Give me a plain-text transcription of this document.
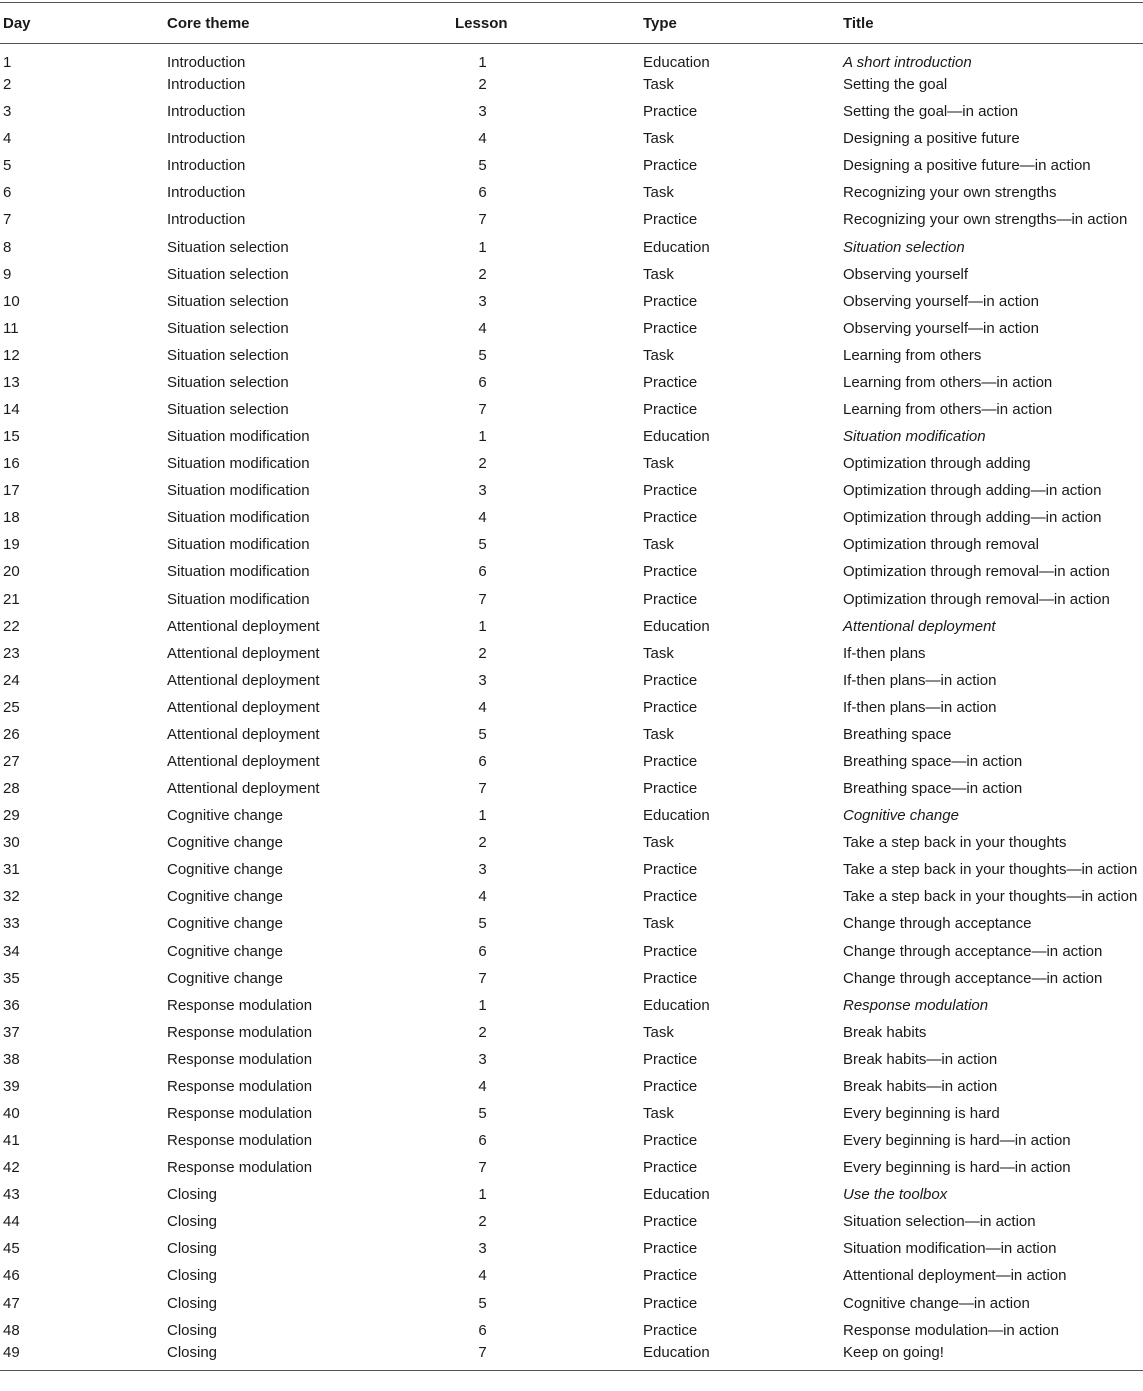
Day	Core theme	Lesson	Type	Title
1	Introduction	1	Education	A short introduction
2	Introduction	2	Task	Setting the goal
3	Introduction	3	Practice	Setting the goal—in action
4	Introduction	4	Task	Designing a positive future
5	Introduction	5	Practice	Designing a positive future—in action
6	Introduction	6	Task	Recognizing your own strengths
7	Introduction	7	Practice	Recognizing your own strengths—in action
8	Situation selection	1	Education	Situation selection
9	Situation selection	2	Task	Observing yourself
10	Situation selection	3	Practice	Observing yourself—in action
11	Situation selection	4	Practice	Observing yourself—in action
12	Situation selection	5	Task	Learning from others
13	Situation selection	6	Practice	Learning from others—in action
14	Situation selection	7	Practice	Learning from others—in action
15	Situation modification	1	Education	Situation modification
16	Situation modification	2	Task	Optimization through adding
17	Situation modification	3	Practice	Optimization through adding—in action
18	Situation modification	4	Practice	Optimization through adding—in action
19	Situation modification	5	Task	Optimization through removal
20	Situation modification	6	Practice	Optimization through removal—in action
21	Situation modification	7	Practice	Optimization through removal—in action
22	Attentional deployment	1	Education	Attentional deployment
23	Attentional deployment	2	Task	If-then plans
24	Attentional deployment	3	Practice	If-then plans—in action
25	Attentional deployment	4	Practice	If-then plans—in action
26	Attentional deployment	5	Task	Breathing space
27	Attentional deployment	6	Practice	Breathing space—in action
28	Attentional deployment	7	Practice	Breathing space—in action
29	Cognitive change	1	Education	Cognitive change
30	Cognitive change	2	Task	Take a step back in your thoughts
31	Cognitive change	3	Practice	Take a step back in your thoughts—in action
32	Cognitive change	4	Practice	Take a step back in your thoughts—in action
33	Cognitive change	5	Task	Change through acceptance
34	Cognitive change	6	Practice	Change through acceptance—in action
35	Cognitive change	7	Practice	Change through acceptance—in action
36	Response modulation	1	Education	Response modulation
37	Response modulation	2	Task	Break habits
38	Response modulation	3	Practice	Break habits—in action
39	Response modulation	4	Practice	Break habits—in action
40	Response modulation	5	Task	Every beginning is hard
41	Response modulation	6	Practice	Every beginning is hard—in action
42	Response modulation	7	Practice	Every beginning is hard—in action
43	Closing	1	Education	Use the toolbox
44	Closing	2	Practice	Situation selection—in action
45	Closing	3	Practice	Situation modification—in action
46	Closing	4	Practice	Attentional deployment—in action
47	Closing	5	Practice	Cognitive change—in action
48	Closing	6	Practice	Response modulation—in action
49	Closing	7	Education	Keep on going!
